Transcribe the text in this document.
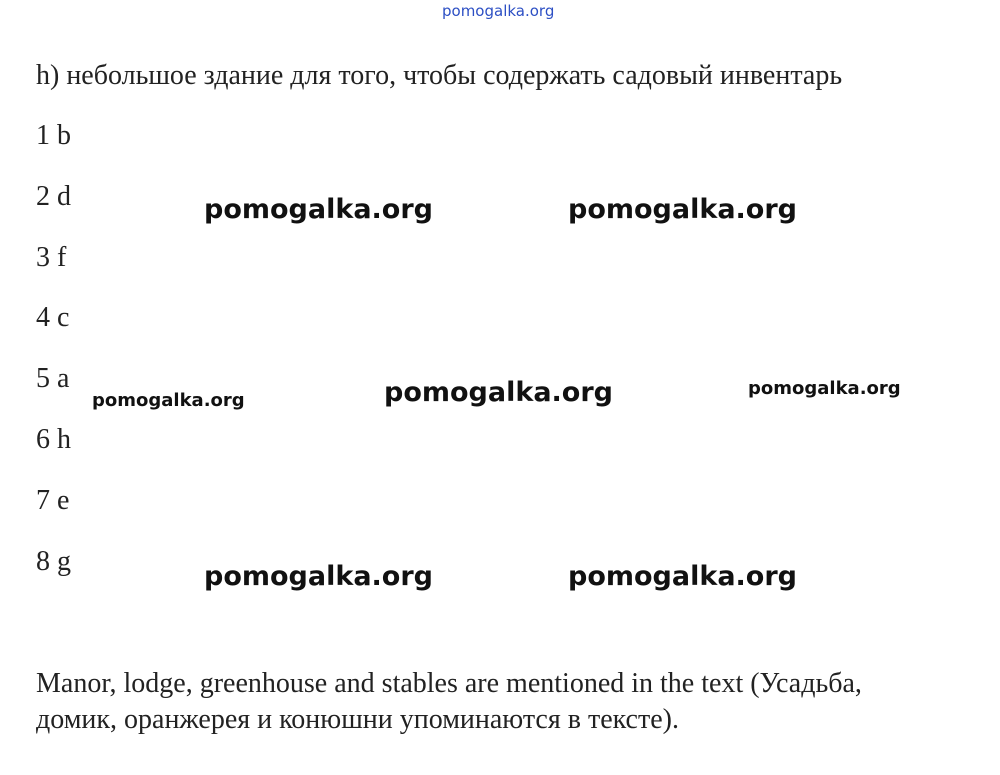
pomogalka.org
h) небольшое здание для того, чтобы содержать садовый инвентарь
1 b
2 d
3 f
4 c
5 a
6 h
7 e
8 g
Manor, lodge, greenhouse and stables are mentioned in the text (Усадьба,
домик, оранжерея и конюшни упоминаются в тексте).
pomogalka.org	pomogalka.org
pomogalka.org	pomogalka.org	pomogalka.org
pomogalka.org	pomogalka.org
